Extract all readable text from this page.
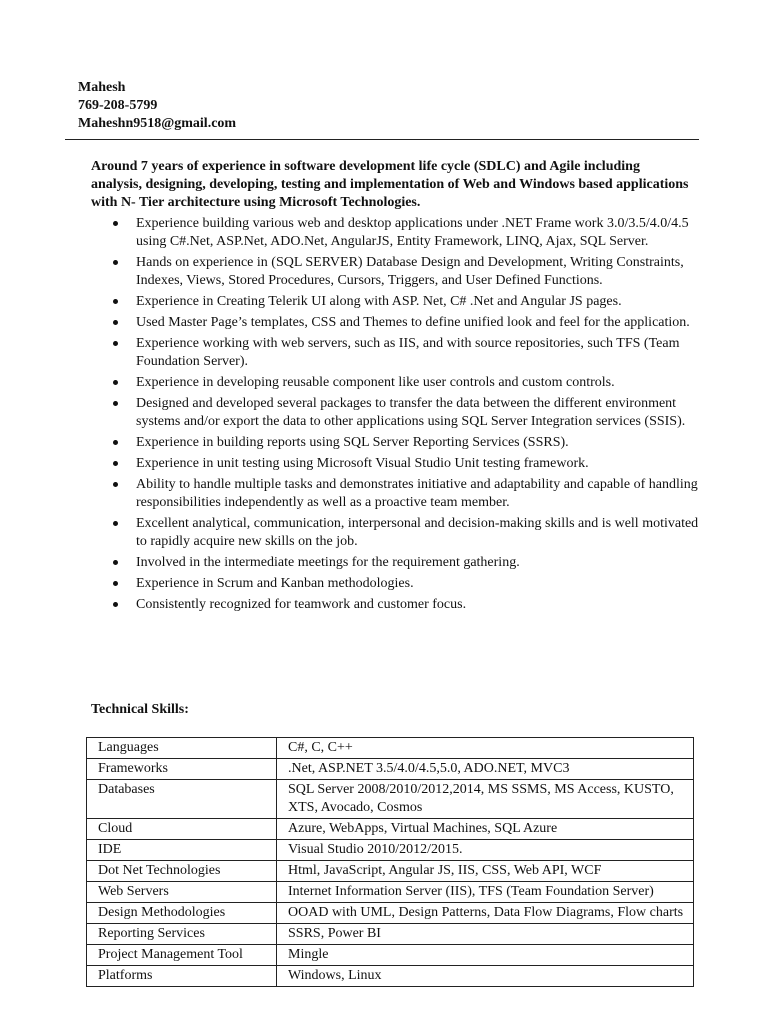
Mahesh
769-208-5799
Maheshn9518@gmail.com
Around 7 years of experience in software development life cycle (SDLC) and Agile including analysis, designing, developing, testing and implementation of Web and Windows based applications with N- Tier architecture using Microsoft Technologies.
Experience building various web and desktop applications under .NET Frame work 3.0/3.5/4.0/4.5 using C#.Net, ASP.Net, ADO.Net, AngularJS, Entity Framework, LINQ, Ajax, SQL Server.
Hands on experience in (SQL SERVER) Database Design and Development, Writing Constraints, Indexes, Views, Stored Procedures, Cursors, Triggers, and User Defined Functions.
Experience in Creating Telerik UI along with ASP. Net, C# .Net and Angular JS pages.
Used Master Page’s templates, CSS and Themes to define unified look and feel for the application.
Experience working with web servers, such as IIS, and with source repositories, such TFS (Team Foundation Server).
Experience in developing reusable component like user controls and custom controls.
Designed and developed several packages to transfer the data between the different environment systems and/or export the data to other applications using SQL Server Integration services (SSIS).
Experience in building reports using SQL Server Reporting Services (SSRS).
Experience in unit testing using Microsoft Visual Studio Unit testing framework.
Ability to handle multiple tasks and demonstrates initiative and adaptability and capable of handling responsibilities independently as well as a proactive team member.
Excellent analytical, communication, interpersonal and decision-making skills and is well motivated to rapidly acquire new skills on the job.
Involved in the intermediate meetings for the requirement gathering.
Experience in Scrum and Kanban methodologies.
Consistently recognized for teamwork and customer focus.
Technical Skills:
Languages	C#, C, C++
Frameworks	.Net, ASP.NET 3.5/4.0/4.5,5.0, ADO.NET, MVC3
Databases	SQL Server 2008/2010/2012,2014, MS SSMS, MS Access, KUSTO, XTS, Avocado, Cosmos
Cloud	Azure, WebApps, Virtual Machines, SQL Azure
IDE	Visual Studio 2010/2012/2015.
Dot Net Technologies	Html, JavaScript, Angular JS, IIS, CSS, Web API, WCF
Web Servers	Internet Information Server (IIS), TFS (Team Foundation Server)
Design Methodologies	OOAD with UML, Design Patterns, Data Flow Diagrams, Flow charts
Reporting Services	SSRS, Power BI
Project Management Tool	Mingle
Platforms	Windows, Linux
